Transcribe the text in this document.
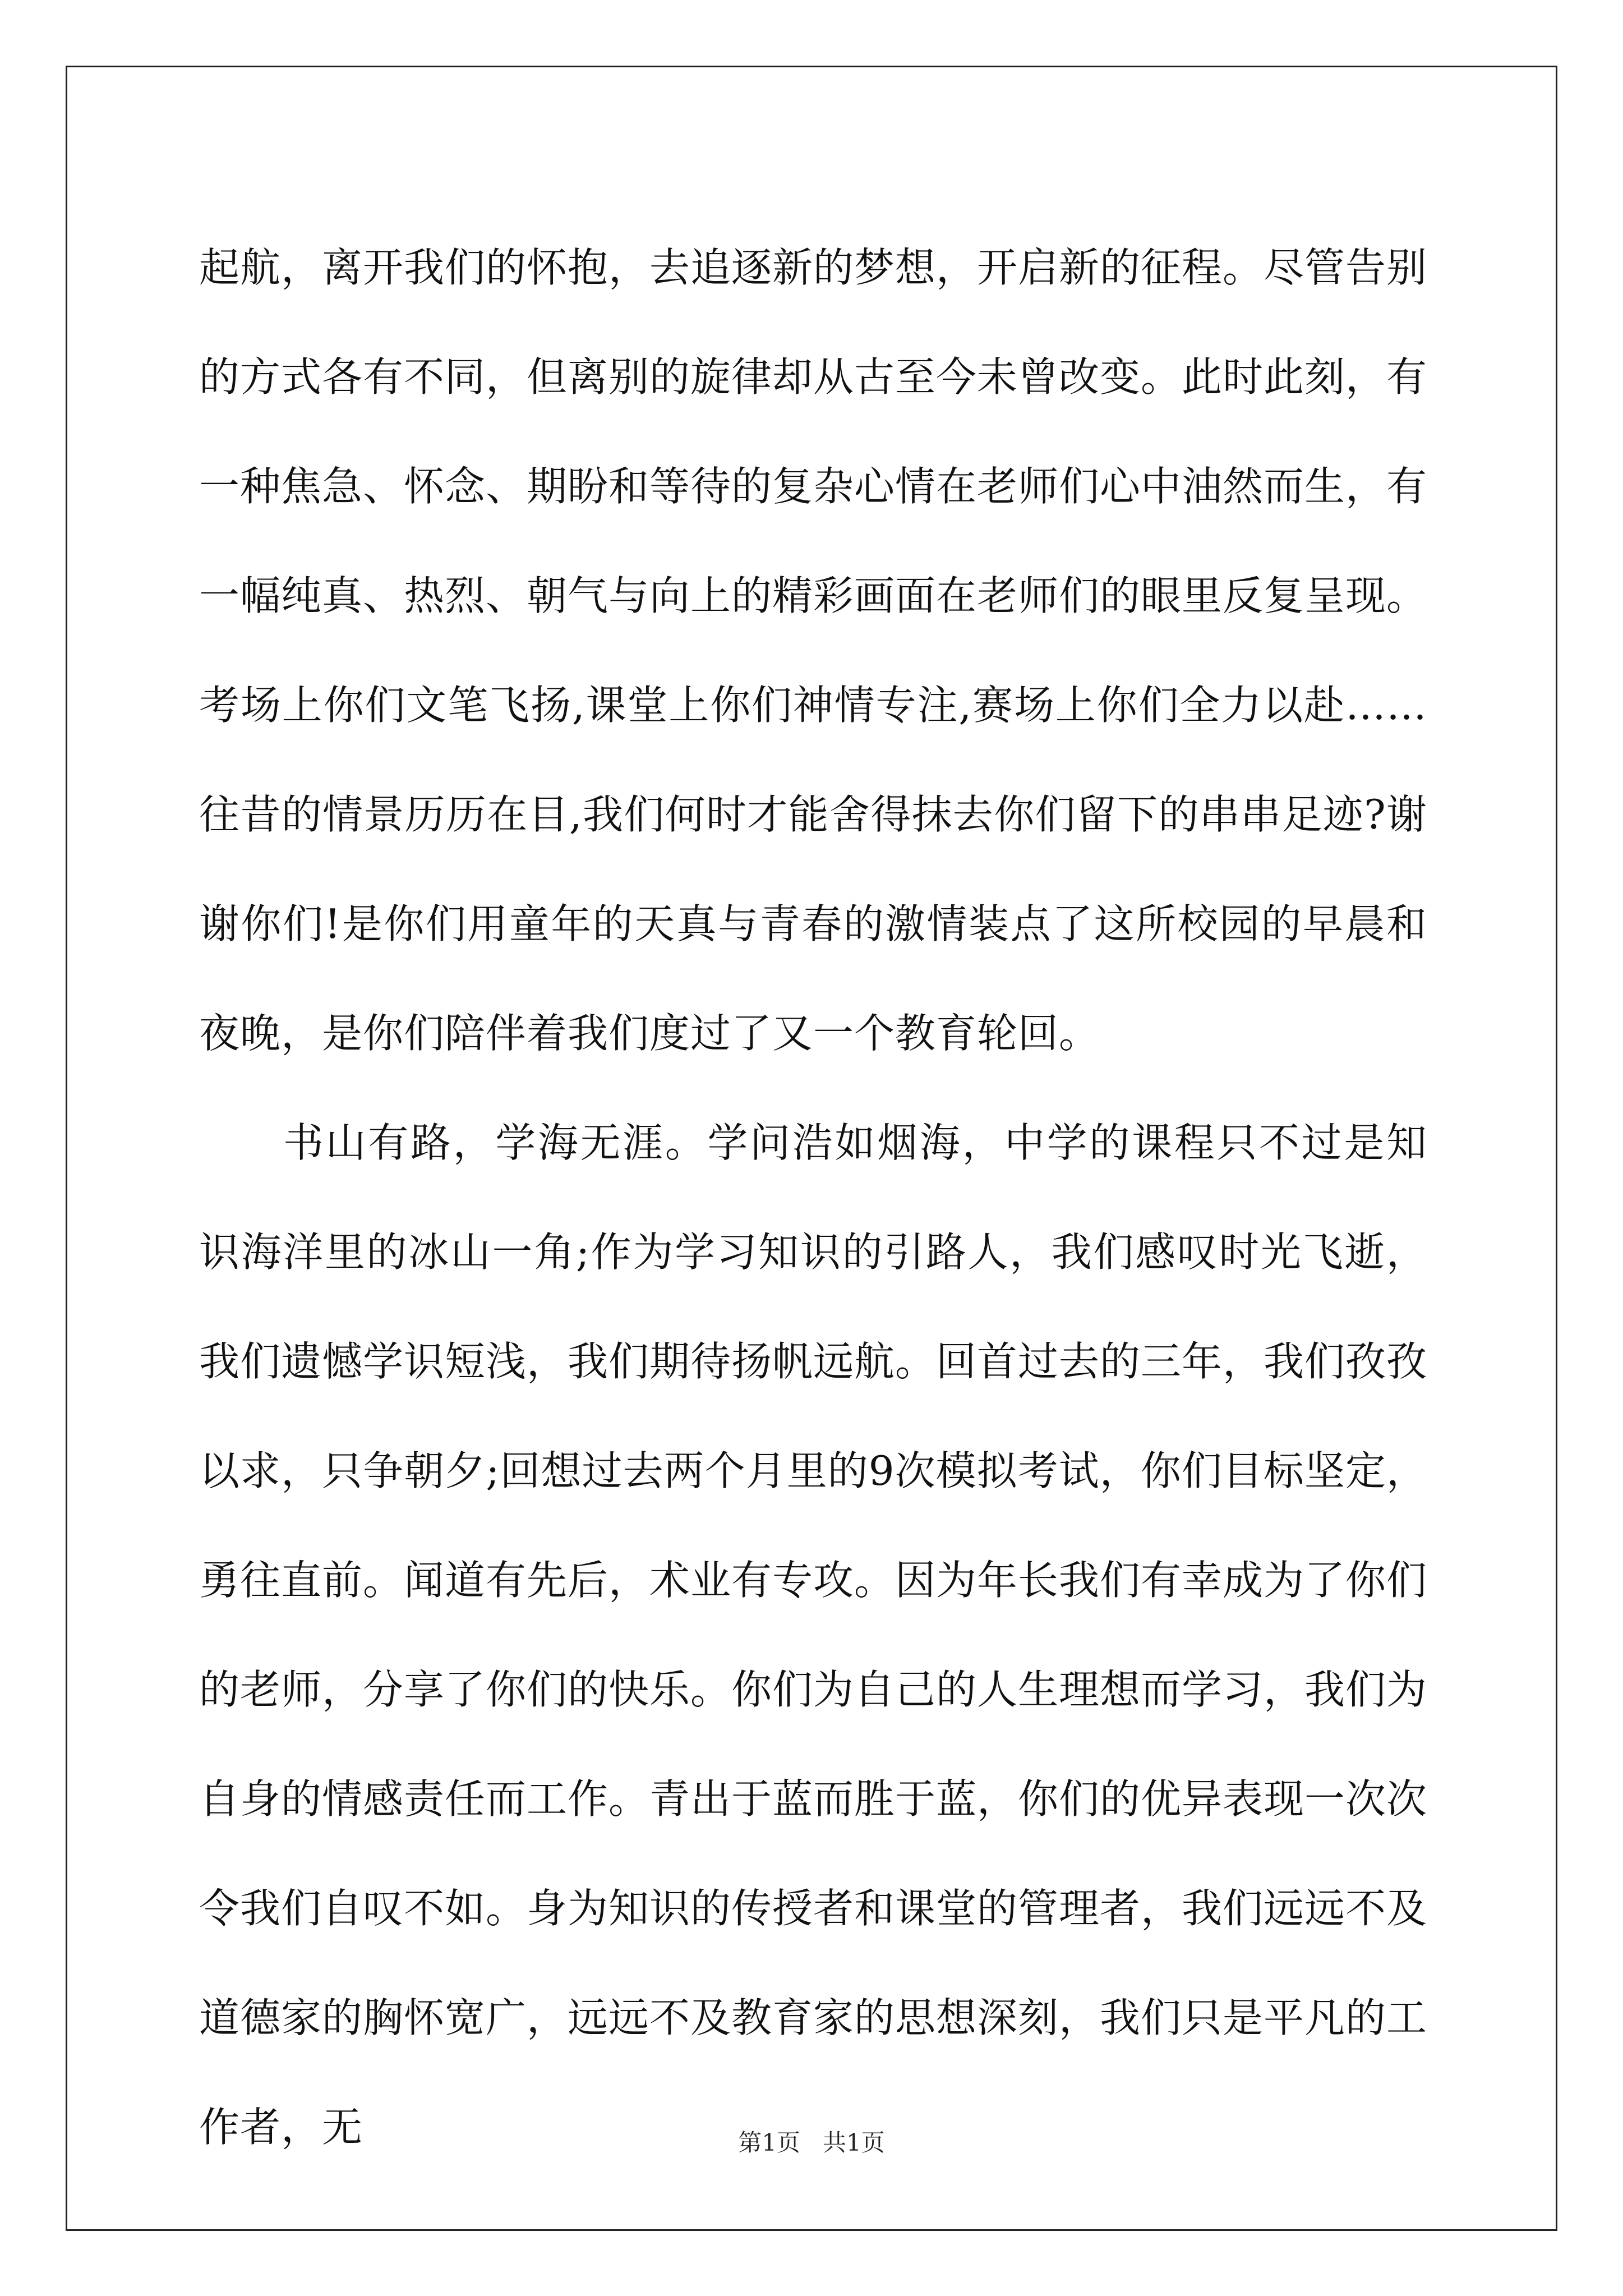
起航，离开我们的怀抱，去追逐新的梦想，开启新的征程。尽管告别的方式各有不同，但离别的旋律却从古至今未曾改变。此时此刻，有一种焦急、怀念、期盼和等待的复杂心情在老师们心中油然而生，有一幅纯真、热烈、朝气与向上的精彩画面在老师们的眼里反复呈现。考场上你们文笔飞扬,课堂上你们神情专注,赛场上你们全力以赴……往昔的情景历历在目,我们何时才能舍得抹去你们留下的串串足迹?谢谢你们!是你们用童年的天真与青春的激情装点了这所校园的早晨和夜晚，是你们陪伴着我们度过了又一个教育轮回。

书山有路，学海无涯。学问浩如烟海，中学的课程只不过是知识海洋里的冰山一角;作为学习知识的引路人，我们感叹时光飞逝，我们遗憾学识短浅，我们期待扬帆远航。回首过去的三年，我们孜孜以求，只争朝夕;回想过去两个月里的9次模拟考试，你们目标坚定，勇往直前。闻道有先后，术业有专攻。因为年长我们有幸成为了你们的老师，分享了你们的快乐。你们为自己的人生理想而学习，我们为自身的情感责任而工作。青出于蓝而胜于蓝，你们的优异表现一次次令我们自叹不如。身为知识的传授者和课堂的管理者，我们远远不及道德家的胸怀宽广，远远不及教育家的思想深刻，我们只是平凡的工作者，无	第1页 共1页
